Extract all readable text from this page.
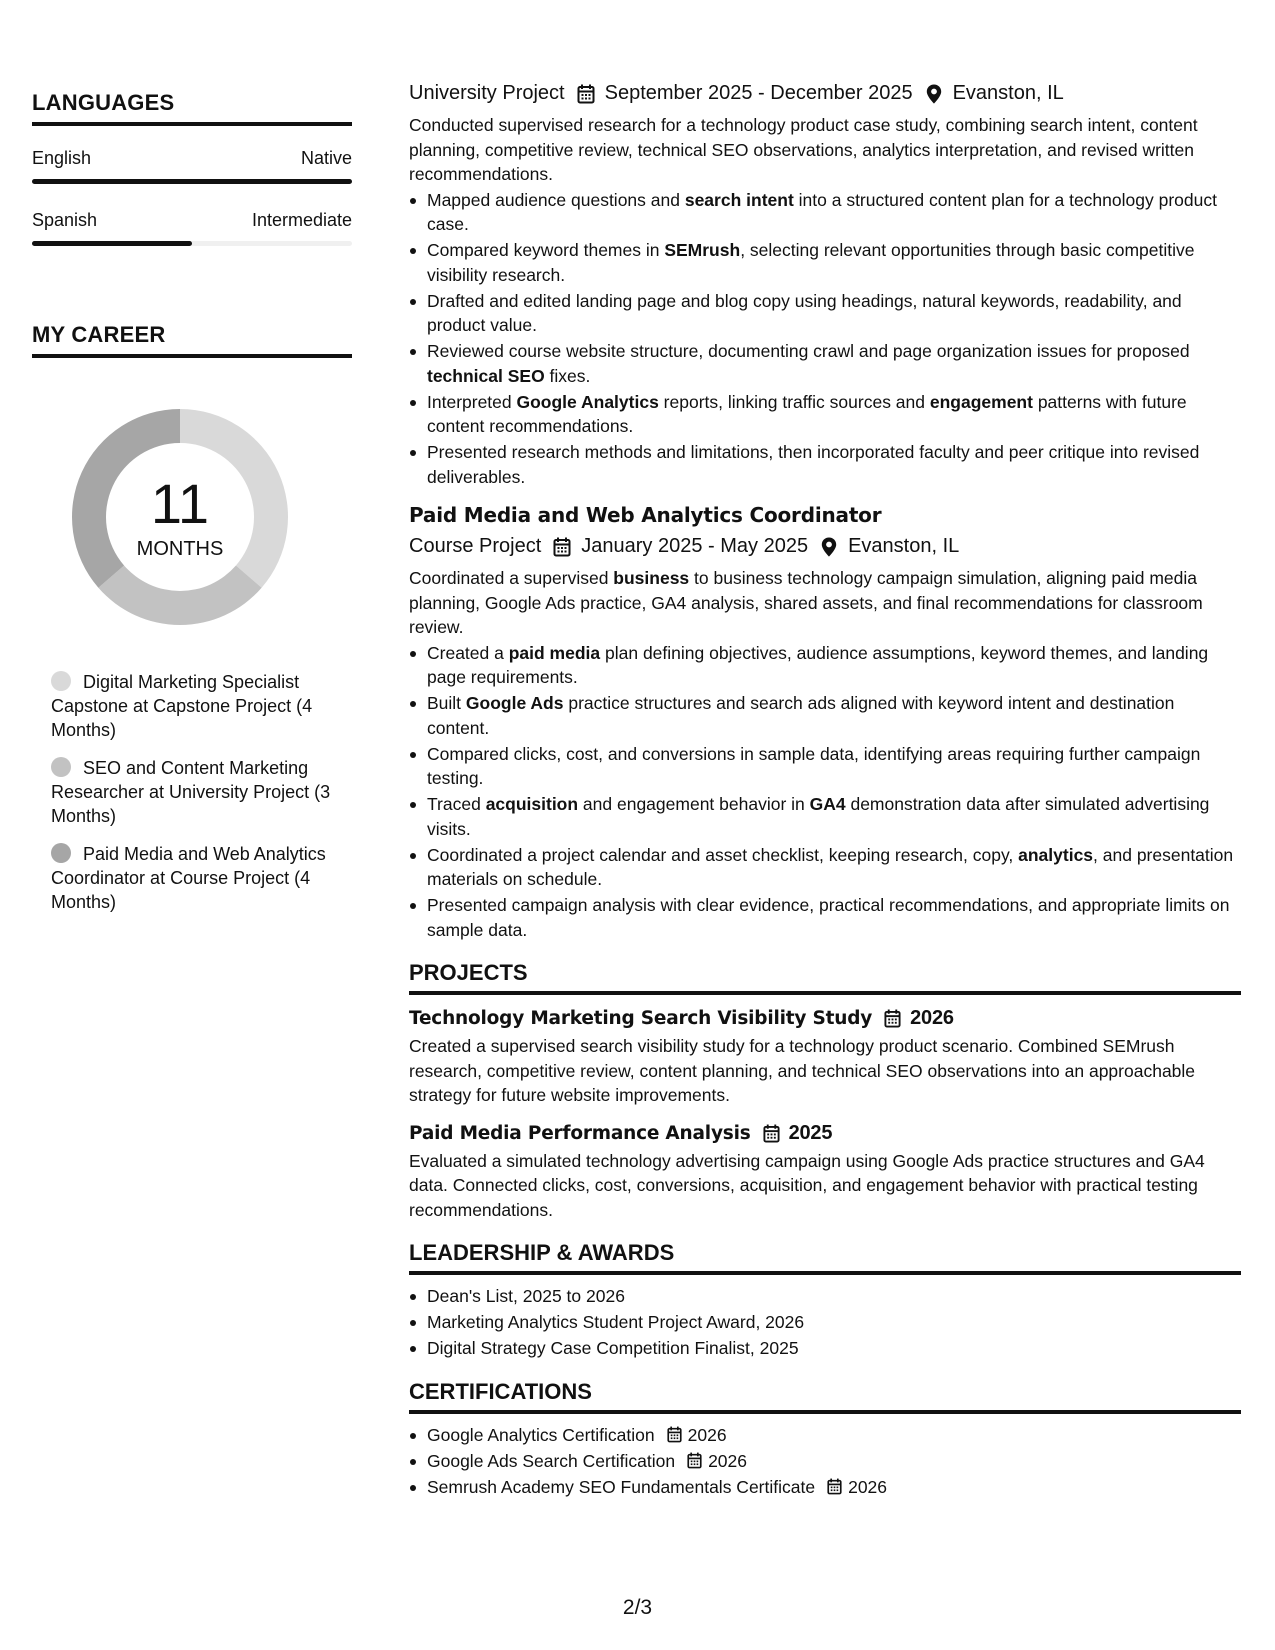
LANGUAGES
English	Native
Spanish	Intermediate
MY CAREER
11
MONTHS
Digital Marketing Specialist Capstone at Capstone Project (4 Months)
SEO and Content Marketing Researcher at University Project (3 Months)
Paid Media and Web Analytics Coordinator at Course Project (4 Months)
University Project September 2025 - December 2025 Evanston, IL
Conducted supervised research for a technology product case study, combining search intent, content planning, competitive review, technical SEO observations, analytics interpretation, and revised written recommendations.
Mapped audience questions and search intent into a structured content plan for a technology product case.
Compared keyword themes in SEMrush, selecting relevant opportunities through basic competitive visibility research.
Drafted and edited landing page and blog copy using headings, natural keywords, readability, and product value.
Reviewed course website structure, documenting crawl and page organization issues for proposed technical SEO fixes.
Interpreted Google Analytics reports, linking traffic sources and engagement patterns with future content recommendations.
Presented research methods and limitations, then incorporated faculty and peer critique into revised deliverables.
Paid Media and Web Analytics Coordinator
Course Project January 2025 - May 2025 Evanston, IL
Coordinated a supervised business to business technology campaign simulation, aligning paid media planning, Google Ads practice, GA4 analysis, shared assets, and final recommendations for classroom review.
Created a paid media plan defining objectives, audience assumptions, keyword themes, and landing page requirements.
Built Google Ads practice structures and search ads aligned with keyword intent and destination content.
Compared clicks, cost, and conversions in sample data, identifying areas requiring further campaign testing.
Traced acquisition and engagement behavior in GA4 demonstration data after simulated advertising visits.
Coordinated a project calendar and asset checklist, keeping research, copy, analytics, and presentation materials on schedule.
Presented campaign analysis with clear evidence, practical recommendations, and appropriate limits on sample data.
PROJECTS
Technology Marketing Search Visibility Study 2026
Created a supervised search visibility study for a technology product scenario. Combined SEMrush research, competitive review, content planning, and technical SEO observations into an approachable strategy for future website improvements.
Paid Media Performance Analysis 2025
Evaluated a simulated technology advertising campaign using Google Ads practice structures and GA4 data. Connected clicks, cost, conversions, acquisition, and engagement behavior with practical testing recommendations.
LEADERSHIP & AWARDS
Dean's List, 2025 to 2026
Marketing Analytics Student Project Award, 2026
Digital Strategy Case Competition Finalist, 2025
CERTIFICATIONS
Google Analytics Certification 2026
Google Ads Search Certification 2026
Semrush Academy SEO Fundamentals Certificate 2026
2/3
